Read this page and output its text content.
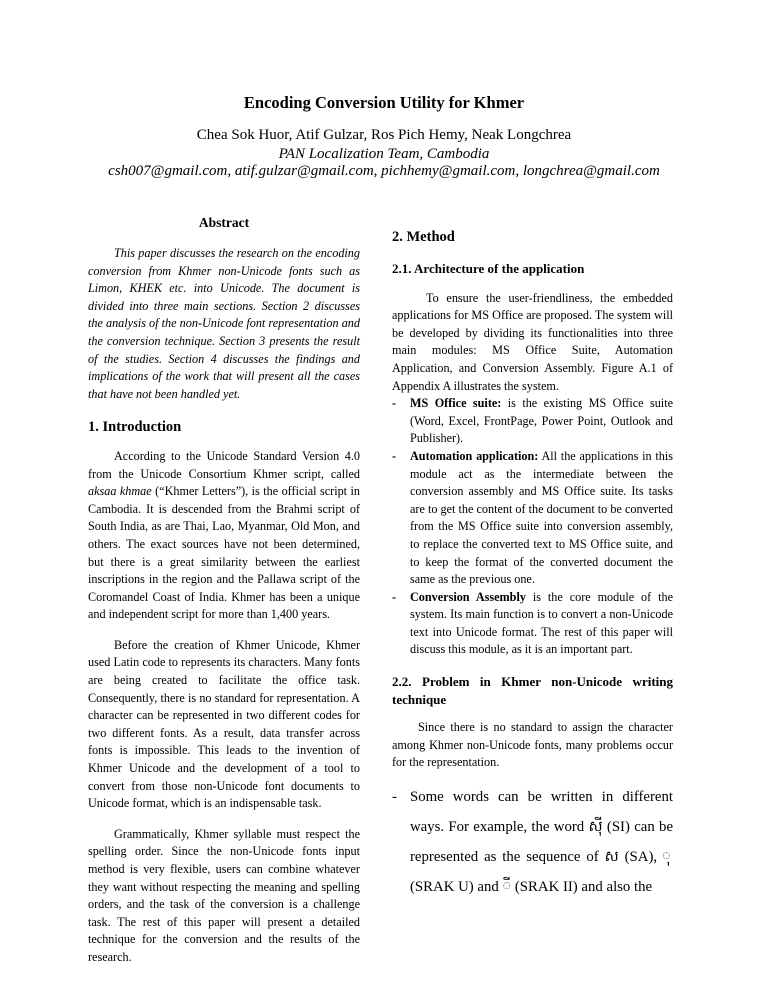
Encoding Conversion Utility for Khmer
Chea Sok Huor, Atif Gulzar, Ros Pich Hemy, Neak Longchrea
PAN Localization Team, Cambodia
csh007@gmail.com, atif.gulzar@gmail.com, pichhemy@gmail.com, longchrea@gmail.com
Abstract

This paper discusses the research on the encoding conversion from Khmer non-Unicode fonts such as Limon, KHEK etc. into Unicode. The document is divided into three main sections. Section 2 discusses the analysis of the non-Unicode font representation and the conversion technique. Section 3 presents the result of the studies. Section 4 discusses the findings and implications of the work that will present all the cases that have not been handled yet.

1. Introduction

According to the Unicode Standard Version 4.0 from the Unicode Consortium Khmer script, called aksaa khmae (“Khmer Letters”), is the official script in Cambodia. It is descended from the Brahmi script of South India, as are Thai, Lao, Myanmar, Old Mon, and others. The exact sources have not been determined, but there is a great similarity between the earliest inscriptions in the region and the Pallawa script of the Coromandel Coast of India. Khmer has been a unique and independent script for more than 1,400 years.

Before the creation of Khmer Unicode, Khmer used Latin code to represents its characters. Many fonts are being created to facilitate the office task. Consequently, there is no standard for representation. A character can be represented in two different codes for two different fonts. As a result, data transfer across fonts is impossible. This leads to the invention of Khmer Unicode and the development of a tool to convert from those non-Unicode font documents to Unicode format, which is an indispensable task.

Grammatically, Khmer syllable must respect the spelling order. Since the non-Unicode fonts input method is very flexible, users can combine whatever they want without respecting the meaning and spelling orders, and the task of the conversion is a challenge task. The rest of this paper will present a detailed technique for the conversion and the results of the research.

2. Method
2.1. Architecture of the application

To ensure the user-friendliness, the embedded applications for MS Office are proposed. The system will be developed by dividing its functionalities into three main modules: MS Office Suite, Automation Application, and Conversion Assembly. Figure A.1 of Appendix A illustrates the system.

- MS Office suite: is the existing MS Office suite (Word, Excel, FrontPage, Power Point, Outlook and Publisher).
- Automation application: All the applications in this module act as the intermediate between the conversion assembly and MS Office suite. Its tasks are to get the content of the document to be converted from the MS Office suite into conversion assembly, to replace the converted text to MS Office suite, and to keep the format of the converted document the same as the previous one.
- Conversion Assembly is the core module of the system. Its main function is to convert a non-Unicode text into Unicode format. The rest of this paper will discuss this module, as it is an important part.
2.2. Problem in Khmer non-Unicode writing technique

Since there is no standard to assign the character among Khmer non-Unicode fonts, many problems occur for the representation.

- Some words can be written in different ways. For example, the word ស៊ី (SI) can be represented as the sequence of ស (SA), (SRAK U) and ី (SRAK II) and also the
